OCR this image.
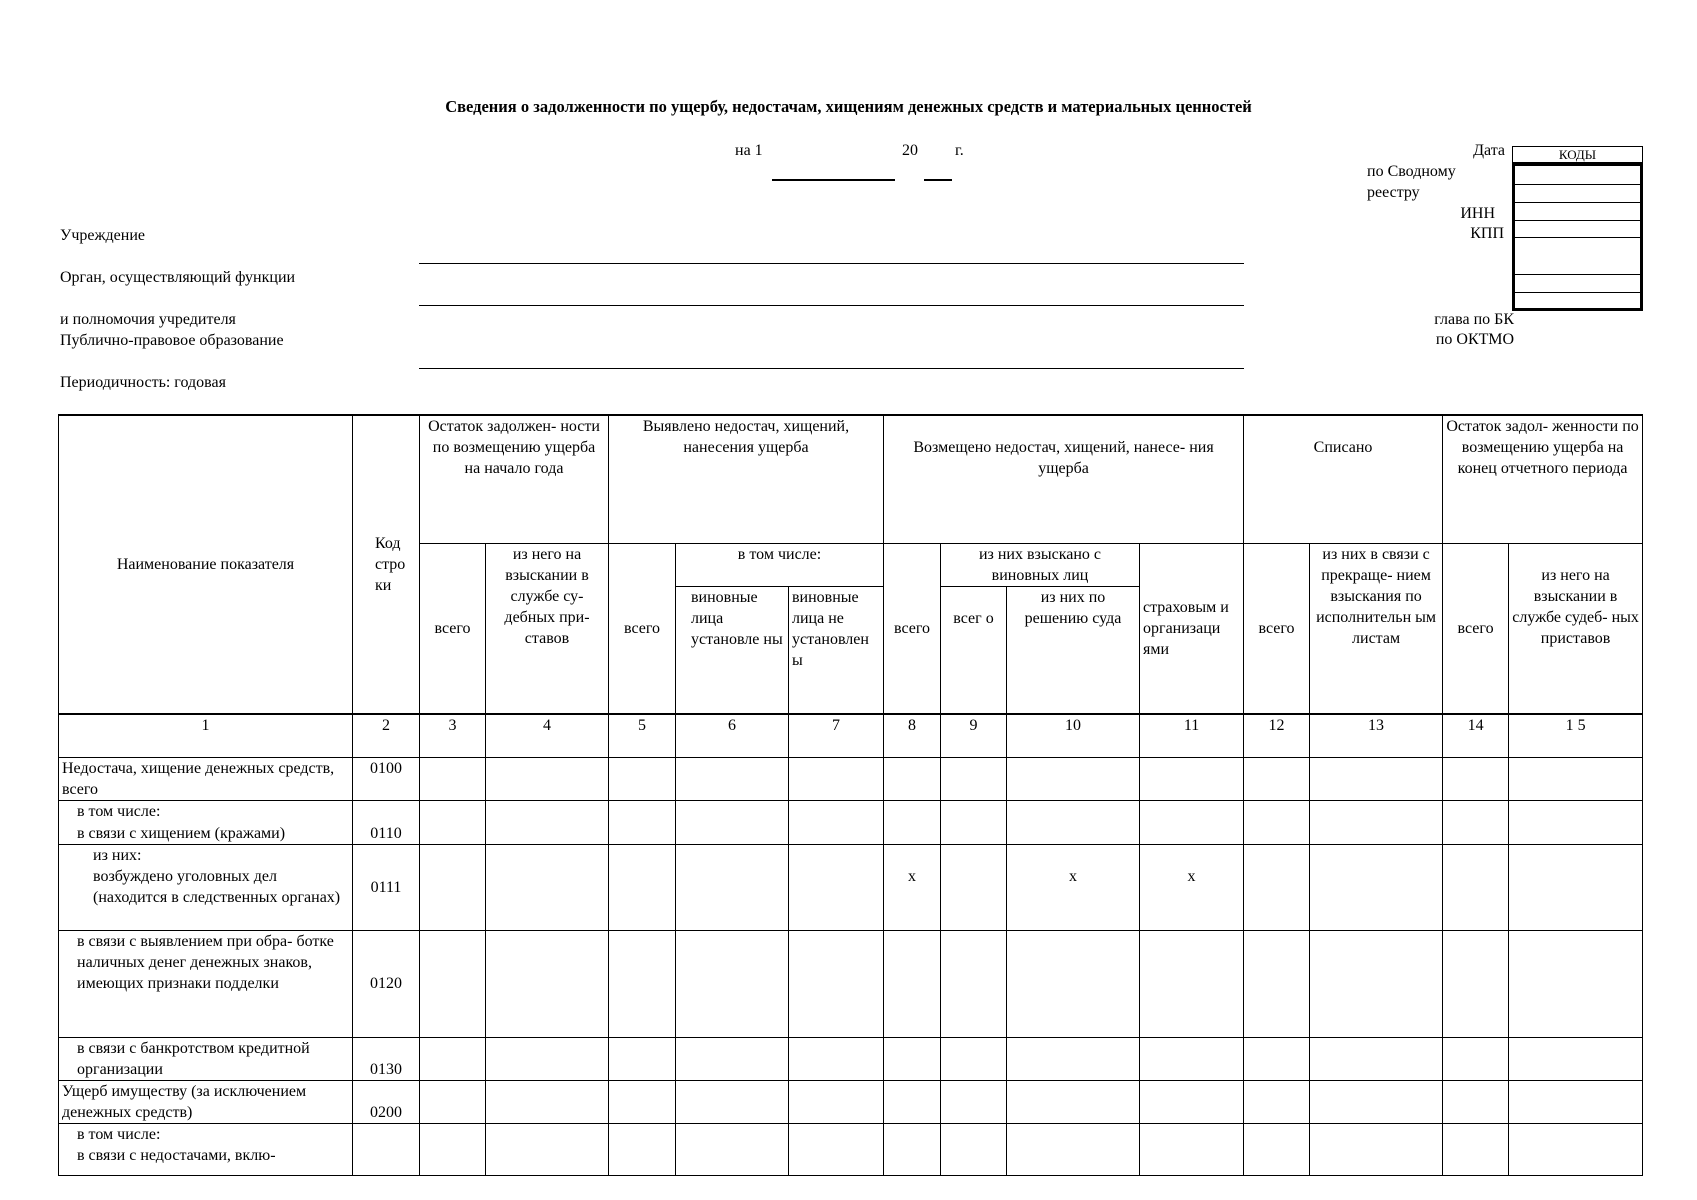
Сведения о задолженности по ущербу, недостачам, хищениям денежных средств и материальных ценностей
на 1	20 г.
Учреждение
Орган, осуществляющий функции
и полномочия учредителя
Публично-правовое образование
Периодичность: годовая
Дата
по Сводному реестру
ИНН
КПП
глава по БК
по ОКТМО
КОДЫ
Наименование показателя	Код стро ки	Остаток задолжен- ности по возмещению ущерба на начало года		Выявлено недостач, хищений, нанесения ущерба			Возмещено недостач, хищений, нанесе- ния ущерба				Списано		Остаток задол- женности по возмещению ущерба на конец отчетного периода	
		всего	из него на взыскании в службе су- дебных при- ставов	всего	в том числе:		всего	из них взыскано с виновных лиц		страховым и организаци ями	всего	из них в связи с прекраще- нием взыскания по исполнительн ым листам	всего	из него на взыскании в службе судеб- ных приставов
					виновные лица установле ны	виновные лица не установлен ы		всег о	из них по решению суда					
1	2	3	4	5	6	7	8	9	10	11	12	13	14	1 5
Недостача, хищение денежных средств, всего	0100													
в том числе:
в связи с хищением (кражами)	0110													
из них:
возбуждено уголовных дел (находится в следственных органах)	0111						x		x	x				
в связи с выявлением при обра- ботке наличных денег денежных знаков, имеющих признаки подделки	0120													
в связи с банкротством кредитной организации	0130													
Ущерб имуществу (за исключением денежных средств)	0200													
в том числе:
в связи с недостачами, вклю-														
